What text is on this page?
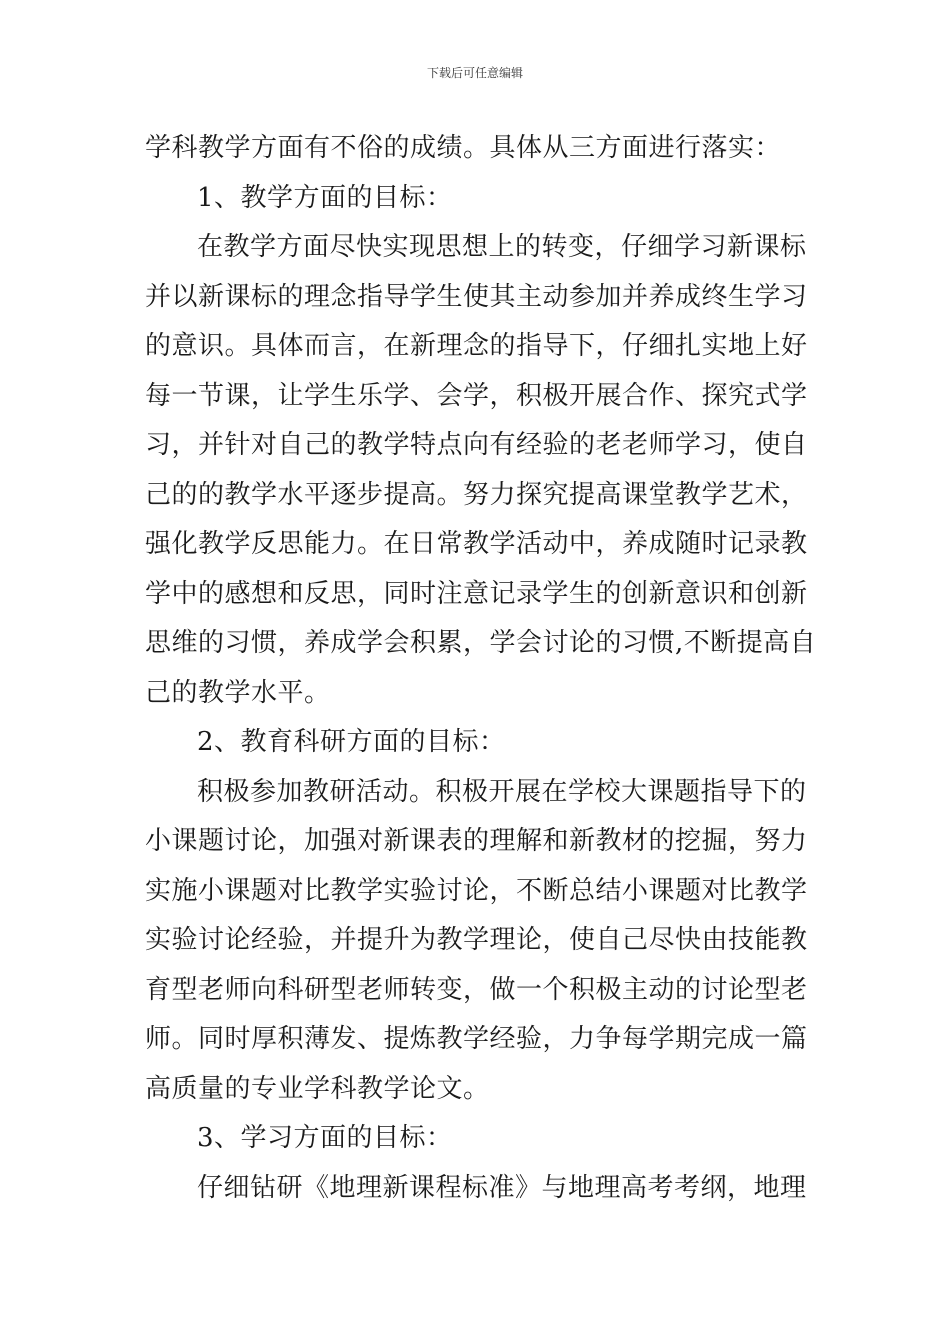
下载后可任意编辑
学科教学方面有不俗的成绩。具体从三方面进行落实：
1、教学方面的目标：
在教学方面尽快实现思想上的转变，仔细学习新课标
并以新课标的理念指导学生使其主动参加并养成终生学习
的意识。具体而言，在新理念的指导下，仔细扎实地上好
每一节课，让学生乐学、会学，积极开展合作、探究式学
习，并针对自己的教学特点向有经验的老老师学习，使自
己的的教学水平逐步提高。努力探究提高课堂教学艺术，
强化教学反思能力。在日常教学活动中，养成随时记录教
学中的感想和反思，同时注意记录学生的创新意识和创新
思维的习惯，养成学会积累，学会讨论的习惯,不断提高自
己的教学水平。
2、教育科研方面的目标：
积极参加教研活动。积极开展在学校大课题指导下的
小课题讨论，加强对新课表的理解和新教材的挖掘，努力
实施小课题对比教学实验讨论，不断总结小课题对比教学
实验讨论经验，并提升为教学理论，使自己尽快由技能教
育型老师向科研型老师转变，做一个积极主动的讨论型老
师。同时厚积薄发、提炼教学经验，力争每学期完成一篇
高质量的专业学科教学论文。
3、学习方面的目标：
仔细钻研《地理新课程标准》与地理高考考纲，地理
